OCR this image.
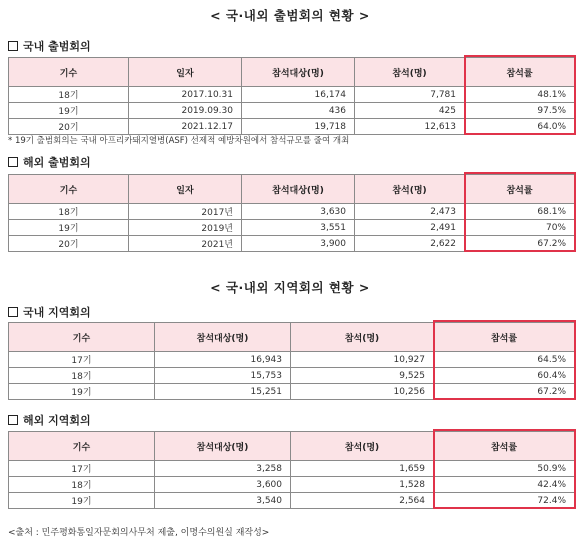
< 국·내외 출범회의 현황 >
국내 출범회의
기수	일자	참석대상(명)	참석(명)	참석률
18기	2017.10.31	16,174	7,781	48.1%
19기	2019.09.30	436	425	97.5%
20기	2021.12.17	19,718	12,613	64.0%
* 19기 출범회의는 국내 아프리카돼지열병(ASF) 선제적 예방차원에서 참석규모를 줄여 개최
해외 출범회의
기수	일자	참석대상(명)	참석(명)	참석률
18기	2017년	3,630	2,473	68.1%
19기	2019년	3,551	2,491	70%
20기	2021년	3,900	2,622	67.2%
< 국·내외 지역회의 현황 >
국내 지역회의
기수	참석대상(명)	참석(명)	참석률
17기	16,943	10,927	64.5%
18기	15,753	9,525	60.4%
19기	15,251	10,256	67.2%
해외 지역회의
기수	참석대상(명)	참석(명)	참석률
17기	3,258	1,659	50.9%
18기	3,600	1,528	42.4%
19기	3,540	2,564	72.4%
<출처 : 민주평화통일자문회의사무처 제출, 이명수의원실 재작성>
